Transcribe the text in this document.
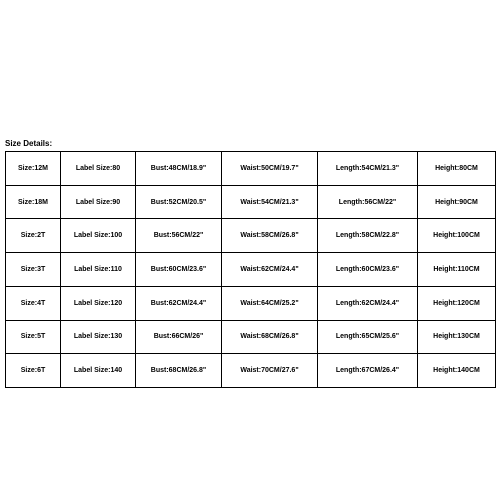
Size Details:
Size:12M	Label Size:80	Bust:48CM/18.9"	Waist:50CM/19.7"	Length:54CM/21.3"	Height:80CM
Size:18M	Label Size:90	Bust:52CM/20.5"	Waist:54CM/21.3"	Length:56CM/22"	Height:90CM
Size:2T	Label Size:100	Bust:56CM/22"	Waist:58CM/26.8"	Length:58CM/22.8"	Height:100CM
Size:3T	Label Size:110	Bust:60CM/23.6"	Waist:62CM/24.4"	Length:60CM/23.6"	Height:110CM
Size:4T	Label Size:120	Bust:62CM/24.4"	Waist:64CM/25.2"	Length:62CM/24.4"	Height:120CM
Size:5T	Label Size:130	Bust:66CM/26"	Waist:68CM/26.8"	Length:65CM/25.6"	Height:130CM
Size:6T	Label Size:140	Bust:68CM/26.8"	Waist:70CM/27.6"	Length:67CM/26.4"	Height:140CM
